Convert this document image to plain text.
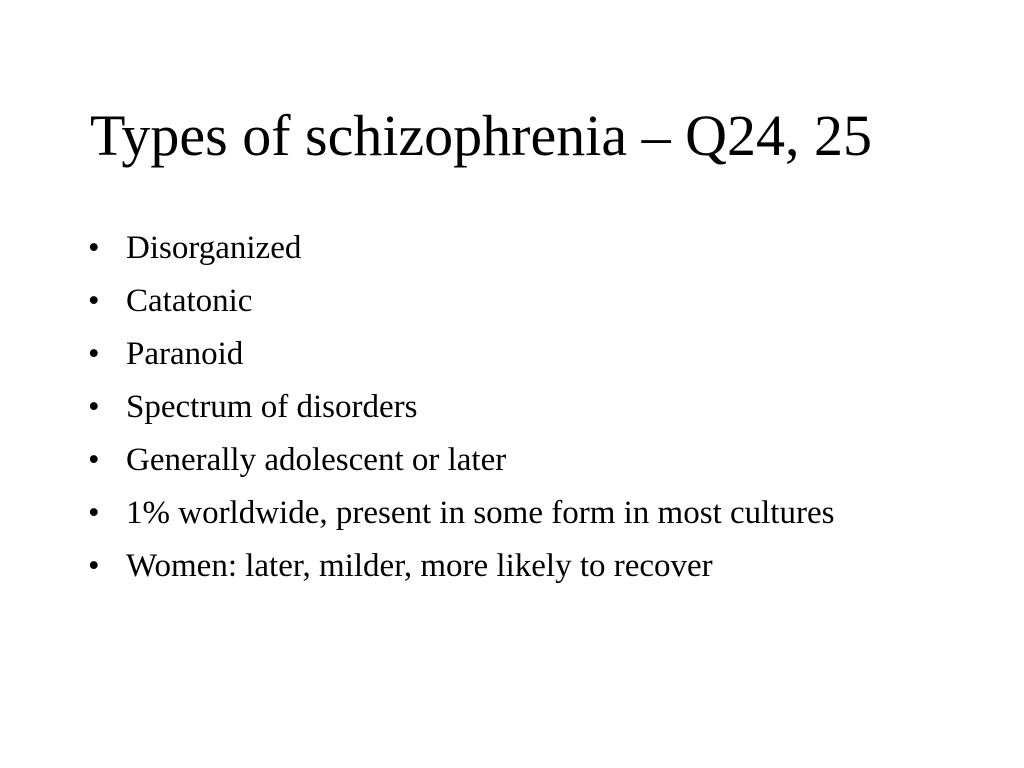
Types of schizophrenia – Q24, 25
• Disorganized
• Catatonic
• Paranoid
• Spectrum of disorders
• Generally adolescent or later
• 1% worldwide, present in some form in most cultures
• Women: later, milder, more likely to recover
